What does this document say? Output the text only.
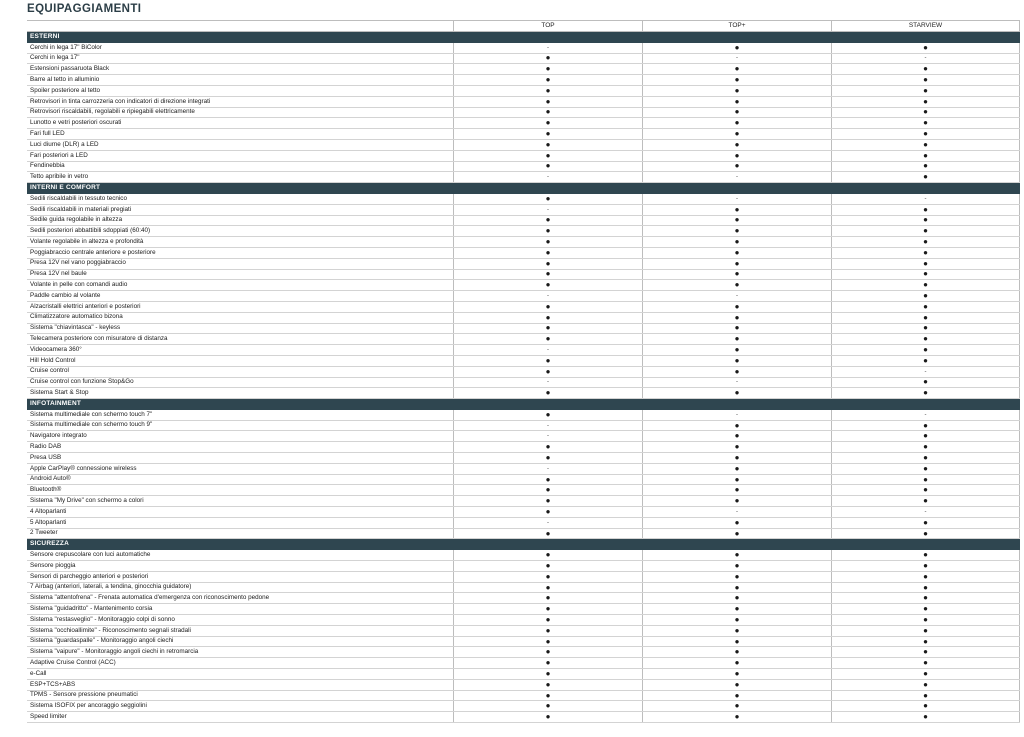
EQUIPAGGIAMENTI
TOP	TOP+	STARVIEW
ESTERNI
Cerchi in lega 17" BiColor	-	●	●
Cerchi in lega 17"	●	-	-
Estensioni passaruota Black	●	●	●
Barre al tetto in alluminio	●	●	●
Spoiler posteriore al tetto	●	●	●
Retrovisori in tinta carrozzeria con indicatori di direzione integrati	●	●	●
Retrovisori riscaldabili, regolabili e ripiegabili elettricamente	●	●	●
Lunotto e vetri posteriori oscurati	●	●	●
Fari full LED	●	●	●
Luci diurne (DLR) a LED	●	●	●
Fari posteriori a LED	●	●	●
Fendinebbia	●	●	●
Tetto apribile in vetro	-	-	●
INTERNI E COMFORT
Sedili riscaldabili in tessuto tecnico	●	-	-
Sedili riscaldabili in materiali pregiati	-	●	●
Sedile guida regolabile in altezza	●	●	●
Sedili posteriori abbattibili sdoppiati (60:40)	●	●	●
Volante regolabile in altezza e profondità	●	●	●
Poggiabraccio centrale anteriore e posteriore	●	●	●
Presa 12V nel vano poggiabraccio	●	●	●
Presa 12V nel baule	●	●	●
Volante in pelle con comandi audio	●	●	●
Paddle cambio al volante	-	-	●
Alzacristalli elettrici anteriori e posteriori	●	●	●
Climatizzatore automatico bizona	●	●	●
Sistema "chiavintasca" - keyless	●	●	●
Telecamera posteriore con misuratore di distanza	●	●	●
Videocamera 360°	-	●	●
Hill Hold Control	●	●	●
Cruise control	●	●	-
Cruise control con funzione Stop&Go	-	-	●
Sistema Start & Stop	●	●	●
INFOTAINMENT
Sistema multimediale con schermo touch 7"	●	-	-
Sistema multimediale con schermo touch 9"	-	●	●
Navigatore integrato	-	●	●
Radio DAB	●	●	●
Presa USB	●	●	●
Apple CarPlay® connessione wireless	-	●	●
Android Auto®	●	●	●
Bluetooth®	●	●	●
Sistema "My Drive" con schermo a colori	●	●	●
4 Altoparlanti	●	-	-
5 Altoparlanti	-	●	●
2 Tweeter	●	●	●
SICUREZZA
Sensore crepuscolare con luci automatiche	●	●	●
Sensore pioggia	●	●	●
Sensori di parcheggio anteriori e posteriori	●	●	●
7 Airbag (anteriori, laterali, a tendina, ginocchia guidatore)	●	●	●
Sistema "attentofrena" - Frenata automatica d'emergenza con riconoscimento pedone	●	●	●
Sistema "guidadritto" - Mantenimento corsia	●	●	●
Sistema "restasveglio" - Monitoraggio colpi di sonno	●	●	●
Sistema "occhioallimite" - Riconoscimento segnali stradali	●	●	●
Sistema "guardaspalle" - Monitoraggio angoli ciechi	●	●	●
Sistema "vaipure" - Monitoraggio angoli ciechi in retromarcia	●	●	●
Adaptive Cruise Control (ACC)	●	●	●
e-Call	●	●	●
ESP+TCS+ABS	●	●	●
TPMS - Sensore pressione pneumatici	●	●	●
Sistema ISOFIX per ancoraggio seggiolini	●	●	●
Speed limiter	●	●	●
